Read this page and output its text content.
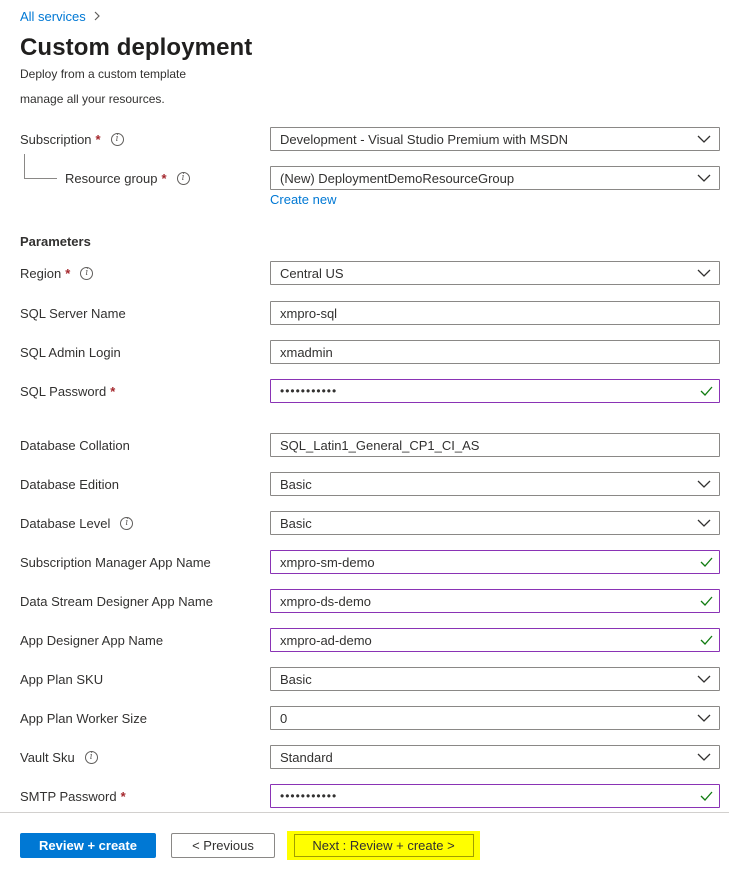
All services
Custom deployment
Deploy from a custom template
manage all your resources.
Subscription *	i	Development - Visual Studio Premium with MSDN
Resource group *	i	(New) DeploymentDemoResourceGroup
Create new
Parameters
Region *	i	Central US
SQL Server Name	xmpro-sql
SQL Admin Login	xmadmin
SQL Password *	•••••••••••
Database Collation	SQL_Latin1_General_CP1_CI_AS
Database Edition	Basic
Database Level	i	Basic
Subscription Manager App Name	xmpro-sm-demo
Data Stream Designer App Name	xmpro-ds-demo
App Designer App Name	xmpro-ad-demo
App Plan SKU	Basic
App Plan Worker Size	0
Vault Sku	i	Standard
SMTP Password *	•••••••••••
Review + create	< Previous	Next : Review + create >
